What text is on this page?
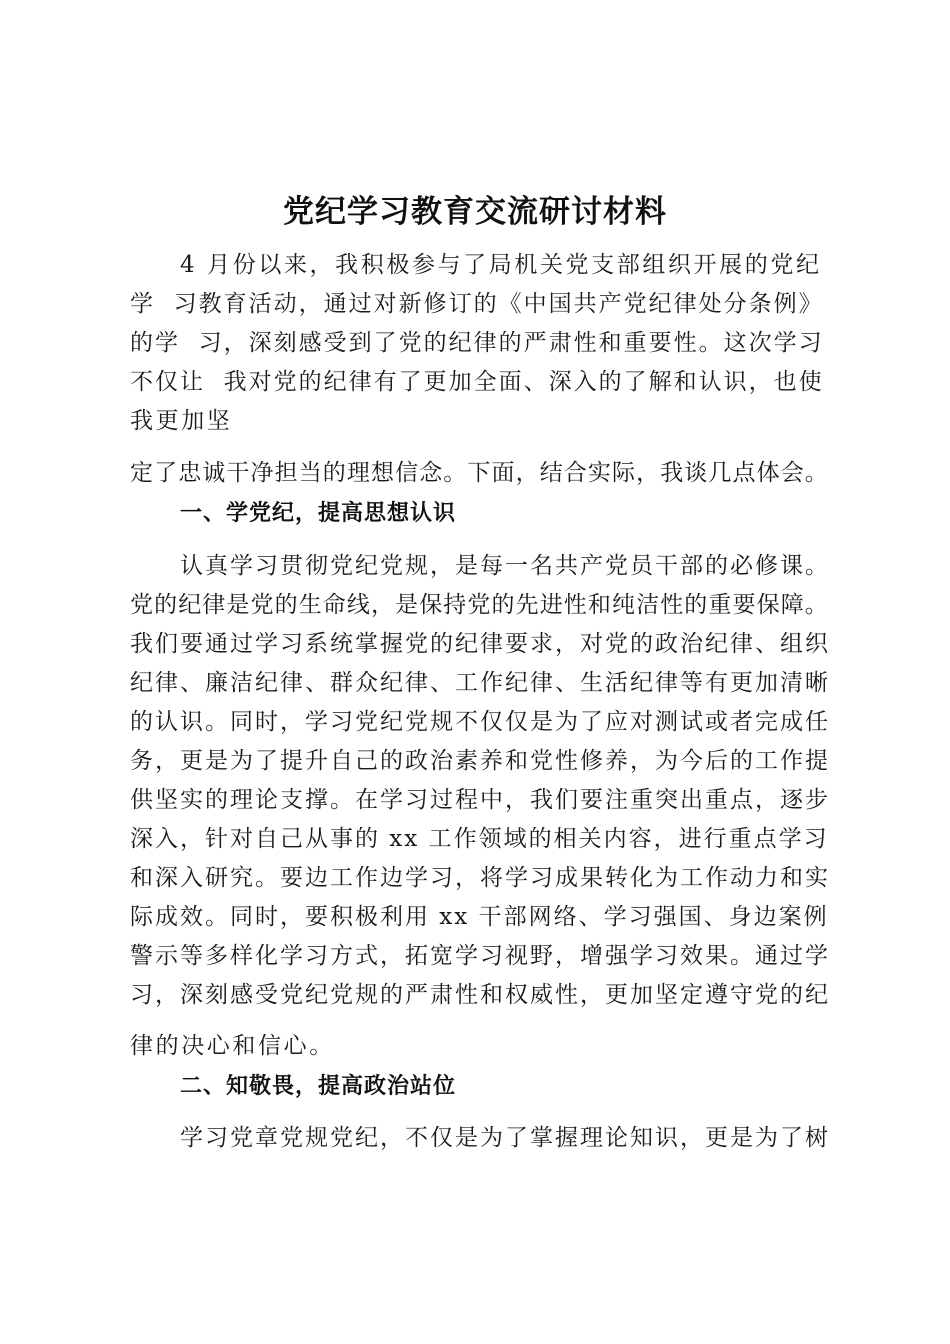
党纪学习教育交流研讨材料
4 月份以来，我积极参与了局机关党支部组织开展的党纪
学  习教育活动，通过对新修订的《中国共产党纪律处分条例》
的学  习，深刻感受到了党的纪律的严肃性和重要性。这次学习
不仅让  我对党的纪律有了更加全面、深入的了解和认识，也使
我更加坚
定了忠诚干净担当的理想信念。下面，结合实际，我谈几点体会。
一、学党纪，提高思想认识
认真学习贯彻党纪党规，是每一名共产党员干部的必修课。
党的纪律是党的生命线，是保持党的先进性和纯洁性的重要保障。
我们要通过学习系统掌握党的纪律要求，对党的政治纪律、组织
纪律、廉洁纪律、群众纪律、工作纪律、生活纪律等有更加清晰
的认识。同时，学习党纪党规不仅仅是为了应对测试或者完成任
务，更是为了提升自己的政治素养和党性修养，为今后的工作提
供坚实的理论支撑。在学习过程中，我们要注重突出重点，逐步
深入，针对自己从事的 xx 工作领域的相关内容，进行重点学习
和深入研究。要边工作边学习，将学习成果转化为工作动力和实
际成效。同时，要积极利用 xx 干部网络、学习强国、身边案例
警示等多样化学习方式，拓宽学习视野，增强学习效果。通过学
习，深刻感受党纪党规的严肃性和权威性，更加坚定遵守党的纪
律的决心和信心。
二、知敬畏，提高政治站位
学习党章党规党纪，不仅是为了掌握理论知识，更是为了树
